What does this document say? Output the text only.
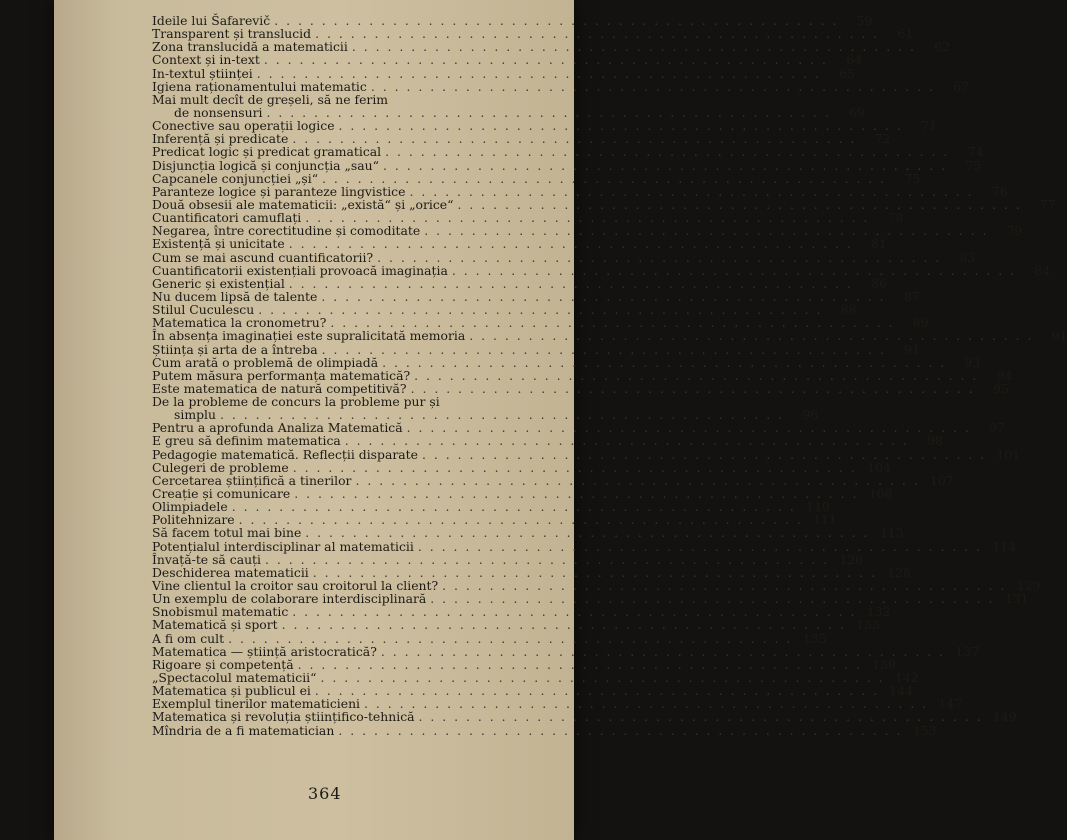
Ideile lui Šafarevič . . . . . . . . . . . . . . . . . . . . . . . . . . . . . . . . . . . . . . . . . . . . . . . .	59
Transparent și translucid . . . . . . . . . . . . . . . . . . . . . . . . . . . . . . . . . . . . . . . . . . . . . . . .	61
Zona translucidă a matematicii . . . . . . . . . . . . . . . . . . . . . . . . . . . . . . . . . . . . . . . . . . . . . . . .	62
Context și in-text . . . . . . . . . . . . . . . . . . . . . . . . . . . . . . . . . . . . . . . . . . . . . . . .	64
In-textul științei . . . . . . . . . . . . . . . . . . . . . . . . . . . . . . . . . . . . . . . . . . . . . . . .	65
Igiena raționamentului matematic . . . . . . . . . . . . . . . . . . . . . . . . . . . . . . . . . . . . . . . . . . . . . . . .	67
Mai mult decît de greșeli, să ne ferim
de nonsensuri . . . . . . . . . . . . . . . . . . . . . . . . . . . . . . . . . . . . . . . . . . . . . . . .	69
Conective sau operații logice . . . . . . . . . . . . . . . . . . . . . . . . . . . . . . . . . . . . . . . . . . . . . . . .	71
Inferență și predicate . . . . . . . . . . . . . . . . . . . . . . . . . . . . . . . . . . . . . . . . . . . . . . . .	72
Predicat logic și predicat gramatical . . . . . . . . . . . . . . . . . . . . . . . . . . . . . . . . . . . . . . . . . . . . . . . .	74
Disjuncția logică și conjuncția „sau“ . . . . . . . . . . . . . . . . . . . . . . . . . . . . . . . . . . . . . . . . . . . . . . . .	75
Capcanele conjuncției „și“ . . . . . . . . . . . . . . . . . . . . . . . . . . . . . . . . . . . . . . . . . . . . . . . .	75
Paranteze logice și paranteze lingvistice . . . . . . . . . . . . . . . . . . . . . . . . . . . . . . . . . . . . . . . . . . . . . . . .	76
Două obsesii ale matematicii: „există“ și „orice“ . . . . . . . . . . . . . . . . . . . . . . . . . . . . . . . . . . . . . . . . . . . . . . . .	77
Cuantificatori camuflați . . . . . . . . . . . . . . . . . . . . . . . . . . . . . . . . . . . . . . . . . . . . . . . .	78
Negarea, între corectitudine și comoditate . . . . . . . . . . . . . . . . . . . . . . . . . . . . . . . . . . . . . . . . . . . . . . . .	79
Existență și unicitate . . . . . . . . . . . . . . . . . . . . . . . . . . . . . . . . . . . . . . . . . . . . . . . .	81
Cum se mai ascund cuantificatorii? . . . . . . . . . . . . . . . . . . . . . . . . . . . . . . . . . . . . . . . . . . . . . . . .	83
Cuantificatorii existențiali provoacă imaginația . . . . . . . . . . . . . . . . . . . . . . . . . . . . . . . . . . . . . . . . . . . . . . . .	84
Generic și existențial . . . . . . . . . . . . . . . . . . . . . . . . . . . . . . . . . . . . . . . . . . . . . . . .	86
Nu ducem lipsă de talente . . . . . . . . . . . . . . . . . . . . . . . . . . . . . . . . . . . . . . . . . . . . . . . .	87
Stilul Cuculescu . . . . . . . . . . . . . . . . . . . . . . . . . . . . . . . . . . . . . . . . . . . . . . . .	88
Matematica la cronometru? . . . . . . . . . . . . . . . . . . . . . . . . . . . . . . . . . . . . . . . . . . . . . . . .	89
În absența imaginației este supralicitată memoria . . . . . . . . . . . . . . . . . . . . . . . . . . . . . . . . . . . . . . . . . . . . . . . .	91
Știința și arta de a întreba . . . . . . . . . . . . . . . . . . . . . . . . . . . . . . . . . . . . . . . . . . . . . . . .	91
Cum arată o problemă de olimpiadă . . . . . . . . . . . . . . . . . . . . . . . . . . . . . . . . . . . . . . . . . . . . . . . .	93
Putem măsura performanța matematică? . . . . . . . . . . . . . . . . . . . . . . . . . . . . . . . . . . . . . . . . . . . . . . . .	94
Este matematica de natură competitivă? . . . . . . . . . . . . . . . . . . . . . . . . . . . . . . . . . . . . . . . . . . . . . . . .	95
De la probleme de concurs la probleme pur și
simplu . . . . . . . . . . . . . . . . . . . . . . . . . . . . . . . . . . . . . . . . . . . . . . . .	96
Pentru a aprofunda Analiza Matematică . . . . . . . . . . . . . . . . . . . . . . . . . . . . . . . . . . . . . . . . . . . . . . . .	97
E greu să definim matematica . . . . . . . . . . . . . . . . . . . . . . . . . . . . . . . . . . . . . . . . . . . . . . . .	98
Pedagogie matematică. Reflecții disparate . . . . . . . . . . . . . . . . . . . . . . . . . . . . . . . . . . . . . . . . . . . . . . . . 101
Culegeri de probleme . . . . . . . . . . . . . . . . . . . . . . . . . . . . . . . . . . . . . . . . . . . . . . . . 104
Cercetarea științifică a tinerilor . . . . . . . . . . . . . . . . . . . . . . . . . . . . . . . . . . . . . . . . . . . . . . . . 107
Creație și comunicare . . . . . . . . . . . . . . . . . . . . . . . . . . . . . . . . . . . . . . . . . . . . . . . . 108
Olimpiadele . . . . . . . . . . . . . . . . . . . . . . . . . . . . . . . . . . . . . . . . . . . . . . . . 110
Politehnizare . . . . . . . . . . . . . . . . . . . . . . . . . . . . . . . . . . . . . . . . . . . . . . . . 111
Să facem totul mai bine . . . . . . . . . . . . . . . . . . . . . . . . . . . . . . . . . . . . . . . . . . . . . . . . 113
Potențialul interdisciplinar al matematicii . . . . . . . . . . . . . . . . . . . . . . . . . . . . . . . . . . . . . . . . . . . . . . . . 114
Învață-te să cauți . . . . . . . . . . . . . . . . . . . . . . . . . . . . . . . . . . . . . . . . . . . . . . . . 126
Deschiderea matematicii . . . . . . . . . . . . . . . . . . . . . . . . . . . . . . . . . . . . . . . . . . . . . . . . 128
Vine clientul la croitor sau croitorul la client? . . . . . . . . . . . . . . . . . . . . . . . . . . . . . . . . . . . . . . . . . . . . . . . . 129
Un exemplu de colaborare interdisciplinară . . . . . . . . . . . . . . . . . . . . . . . . . . . . . . . . . . . . . . . . . . . . . . . . 131
Snobismul matematic . . . . . . . . . . . . . . . . . . . . . . . . . . . . . . . . . . . . . . . . . . . . . . . . 132
Matematică și sport . . . . . . . . . . . . . . . . . . . . . . . . . . . . . . . . . . . . . . . . . . . . . . . . 133
A fi om cult . . . . . . . . . . . . . . . . . . . . . . . . . . . . . . . . . . . . . . . . . . . . . . . . 135
Matematica — știință aristocratică? . . . . . . . . . . . . . . . . . . . . . . . . . . . . . . . . . . . . . . . . . . . . . . . . 137
Rigoare și competență . . . . . . . . . . . . . . . . . . . . . . . . . . . . . . . . . . . . . . . . . . . . . . . . 139
„Spectacolul matematicii“ . . . . . . . . . . . . . . . . . . . . . . . . . . . . . . . . . . . . . . . . . . . . . . . . 142
Matematica și publicul ei . . . . . . . . . . . . . . . . . . . . . . . . . . . . . . . . . . . . . . . . . . . . . . . . 144
Exemplul tinerilor matematicieni . . . . . . . . . . . . . . . . . . . . . . . . . . . . . . . . . . . . . . . . . . . . . . . . 147
Matematica și revoluția științifico-tehnică . . . . . . . . . . . . . . . . . . . . . . . . . . . . . . . . . . . . . . . . . . . . . . . . 149
Mîndria de a fi matematician . . . . . . . . . . . . . . . . . . . . . . . . . . . . . . . . . . . . . . . . . . . . . . . . 153
364
